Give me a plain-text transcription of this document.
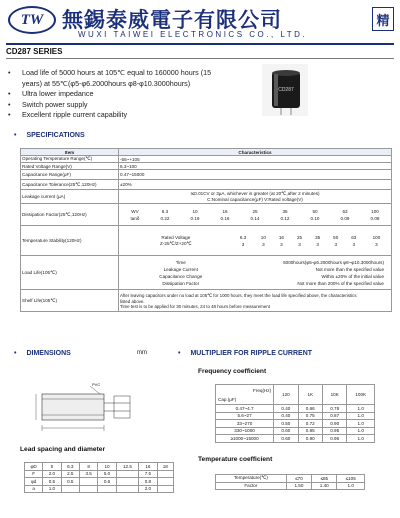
TW 無錫泰威電子有限公司
WUXI TAIWEI ELECTRONICS CO., LTD.
精
CD287 SERIES
•	Load life of 5000 hours at 105℃ equal to 160000 hours (15
years) at 55℃(φ5-φ6.2000hours φ8-φ10.3000hours)
•	Ultra lower impedance
•	Switch power supply
•	Excellent ripple current capability
CD287
• SPECIFICATIONS
Item	Characteristics
Operating Temperature Range(℃)	-55~+105
Rated Voltage Range(V)	6.3~100
Capacitance Range(μF)	0.47~15000
Capacitance Tolerance(25℃,120Hz)	±20%
Leakage current (μA)	
I≤0.01CV or 3μA, whichever is greater (at 20℃,after 2 minutes)
C:Nominal capacitance(μF) V:Rated voltage(V)

Dissipation Factor(25℃,120Hz)	
WV	6.3	10	16	25	35	50	63	100
tanδ	0.22	0.19	0.16	0.14	0.12	0.10	0.09	0.08

Temperature Stability(120Hz)	
Rated Voltage	6.3	10	16	25	35	50	63	100
Z-25℃/Z+20℃	3	3	3	3	3	3	3	3

Load Life(105℃)	
Time	5000hours(φ5-φ6.2000hours φ8~φ10.3000hours)
Leakage Current	Not more than the specified value
Capacitance Change	Within ±20% of the initial value
Dissipation Factor	Not more than 200% of the specified value

Shelf Life(105℃)	
After leaving capacitors under no load at 105℃ for 1000 hours, they meet the load life specified above, the characteristics
listed above.
Time test is to be applied for 30 minutes, 24 to 48 hours before measurement
• DIMENSIONS	mm	• MULTIPLIER FOR RIPPLE CURRENT
PVC
Lead spacing and diameter
φD	5	6.3	8	10	12.5	16	18
F	2.0	2.5	3.5	5.0		7.5	
φd	0.5	0.5		0.6		0.8	
a	1.0					2.0	
Frequency coefficient
Freq(Hz)
Cap.(μF)	120	1K	10K	100K
0.47~4.7	0.40	0.66	0.78	1.0
5.6~27	0.40	0.75	0.87	1.0
33~270	0.50	0.72	0.90	1.0
330~1000	0.60	0.85	0.95	1.0
≥1000~15000	0.60	0.90	0.96	1.0
Temperature coefficient
Temperature(℃)	≤70	≤85	≤105
Factor	1.50	1.40	1.0
